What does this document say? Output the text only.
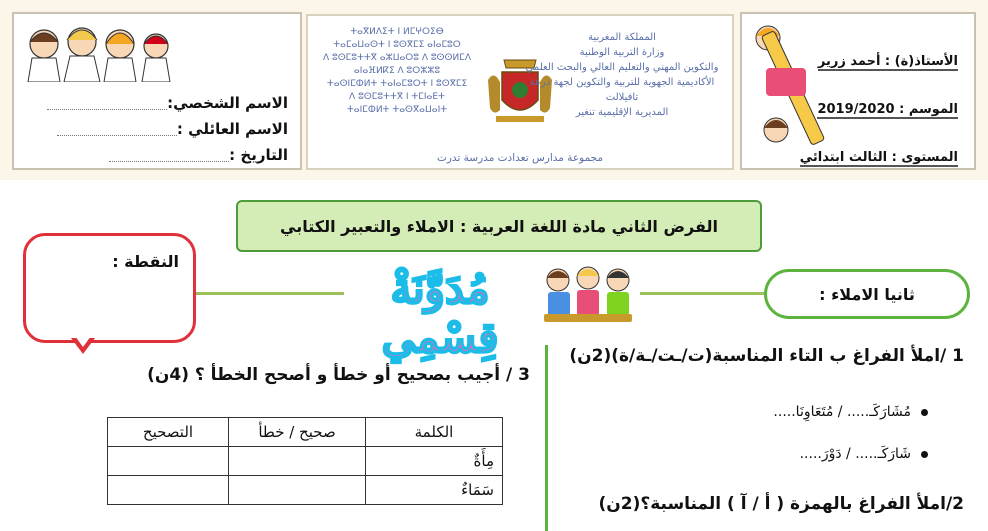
الاسم الشخصي:
الاسم العائلي :
التاريخ :
ⵜⴰⴳⵍⴷⵉⵜ ⵏ ⵍⵎⵖⵔⵉⴱ
ⵜⴰⵎⴰⵡⴰⵙⵜ ⵏ ⵓⵙⴳⵎⵉ ⴰⵏⴰⵎⵓⵔ
ⴷ ⵓⵙⵎⵓⵜⵜⴳ ⴰⵣⵡⴰⵔⵓ ⴷ ⵓⵙⵙⵍⵎⴷ
ⴰⵏⴰⴼⵍⴽⵉ ⴷ ⵓⵔⵣⵣⵓ
ⵜⴰⵙⵏⵎⵀⵍⵜ ⵜⴰⵏⴰⵎⵓⵔⵜ ⵏ ⵓⵙⴳⵎⵉ
ⴷ ⵓⵙⵎⵓⵜⵜⴳ ⵏ ⵜⵎⵏⴰⴹⵜ
ⵜⴰⵏⵎⵀⵍⵜ ⵜⴰⵙⴳⴰⵡⴰⵏⵜ
المملكة المغربية
وزارة التربية الوطنية
والتكوين المهني والتعليم العالي والبحث العلمي
الأكاديمية الجهوية للتربية والتكوين لجهة درعة تافيلالت
المديرية الإقليمية تنغير
مجموعة مدارس تعدادت مدرسة تدرت
الأستاذ(ة) : أحمد زرير
الموسم : 2019/2020
المستوى : الثالث ابتدائي
الفرض الثاني مادة اللغة العربية : الاملاء والتعبير الكتابي
النقطة :
مُدَوَّنَةْ قِسْمِي
ثانيا الاملاء :
1 /املأ الفراغ ب التاء المناسبة(ت/ـت/ـة/ة)(2ن)
مُشَارَكَـ..... / مُتَعَاوِنَا.....
شَارَكَـ..... / دَوْرَ.....
2/املأ الفراغ بالهمزة ( أ / آ ) المناسبة؟(2ن)
3 / أجيب بصحيح أو خطأ و أصحح الخطأ ؟ (4ن)
الكلمة	صحيح / خطأ	التصحيح
مِأَةٌ		
سَمَاءٌ		
